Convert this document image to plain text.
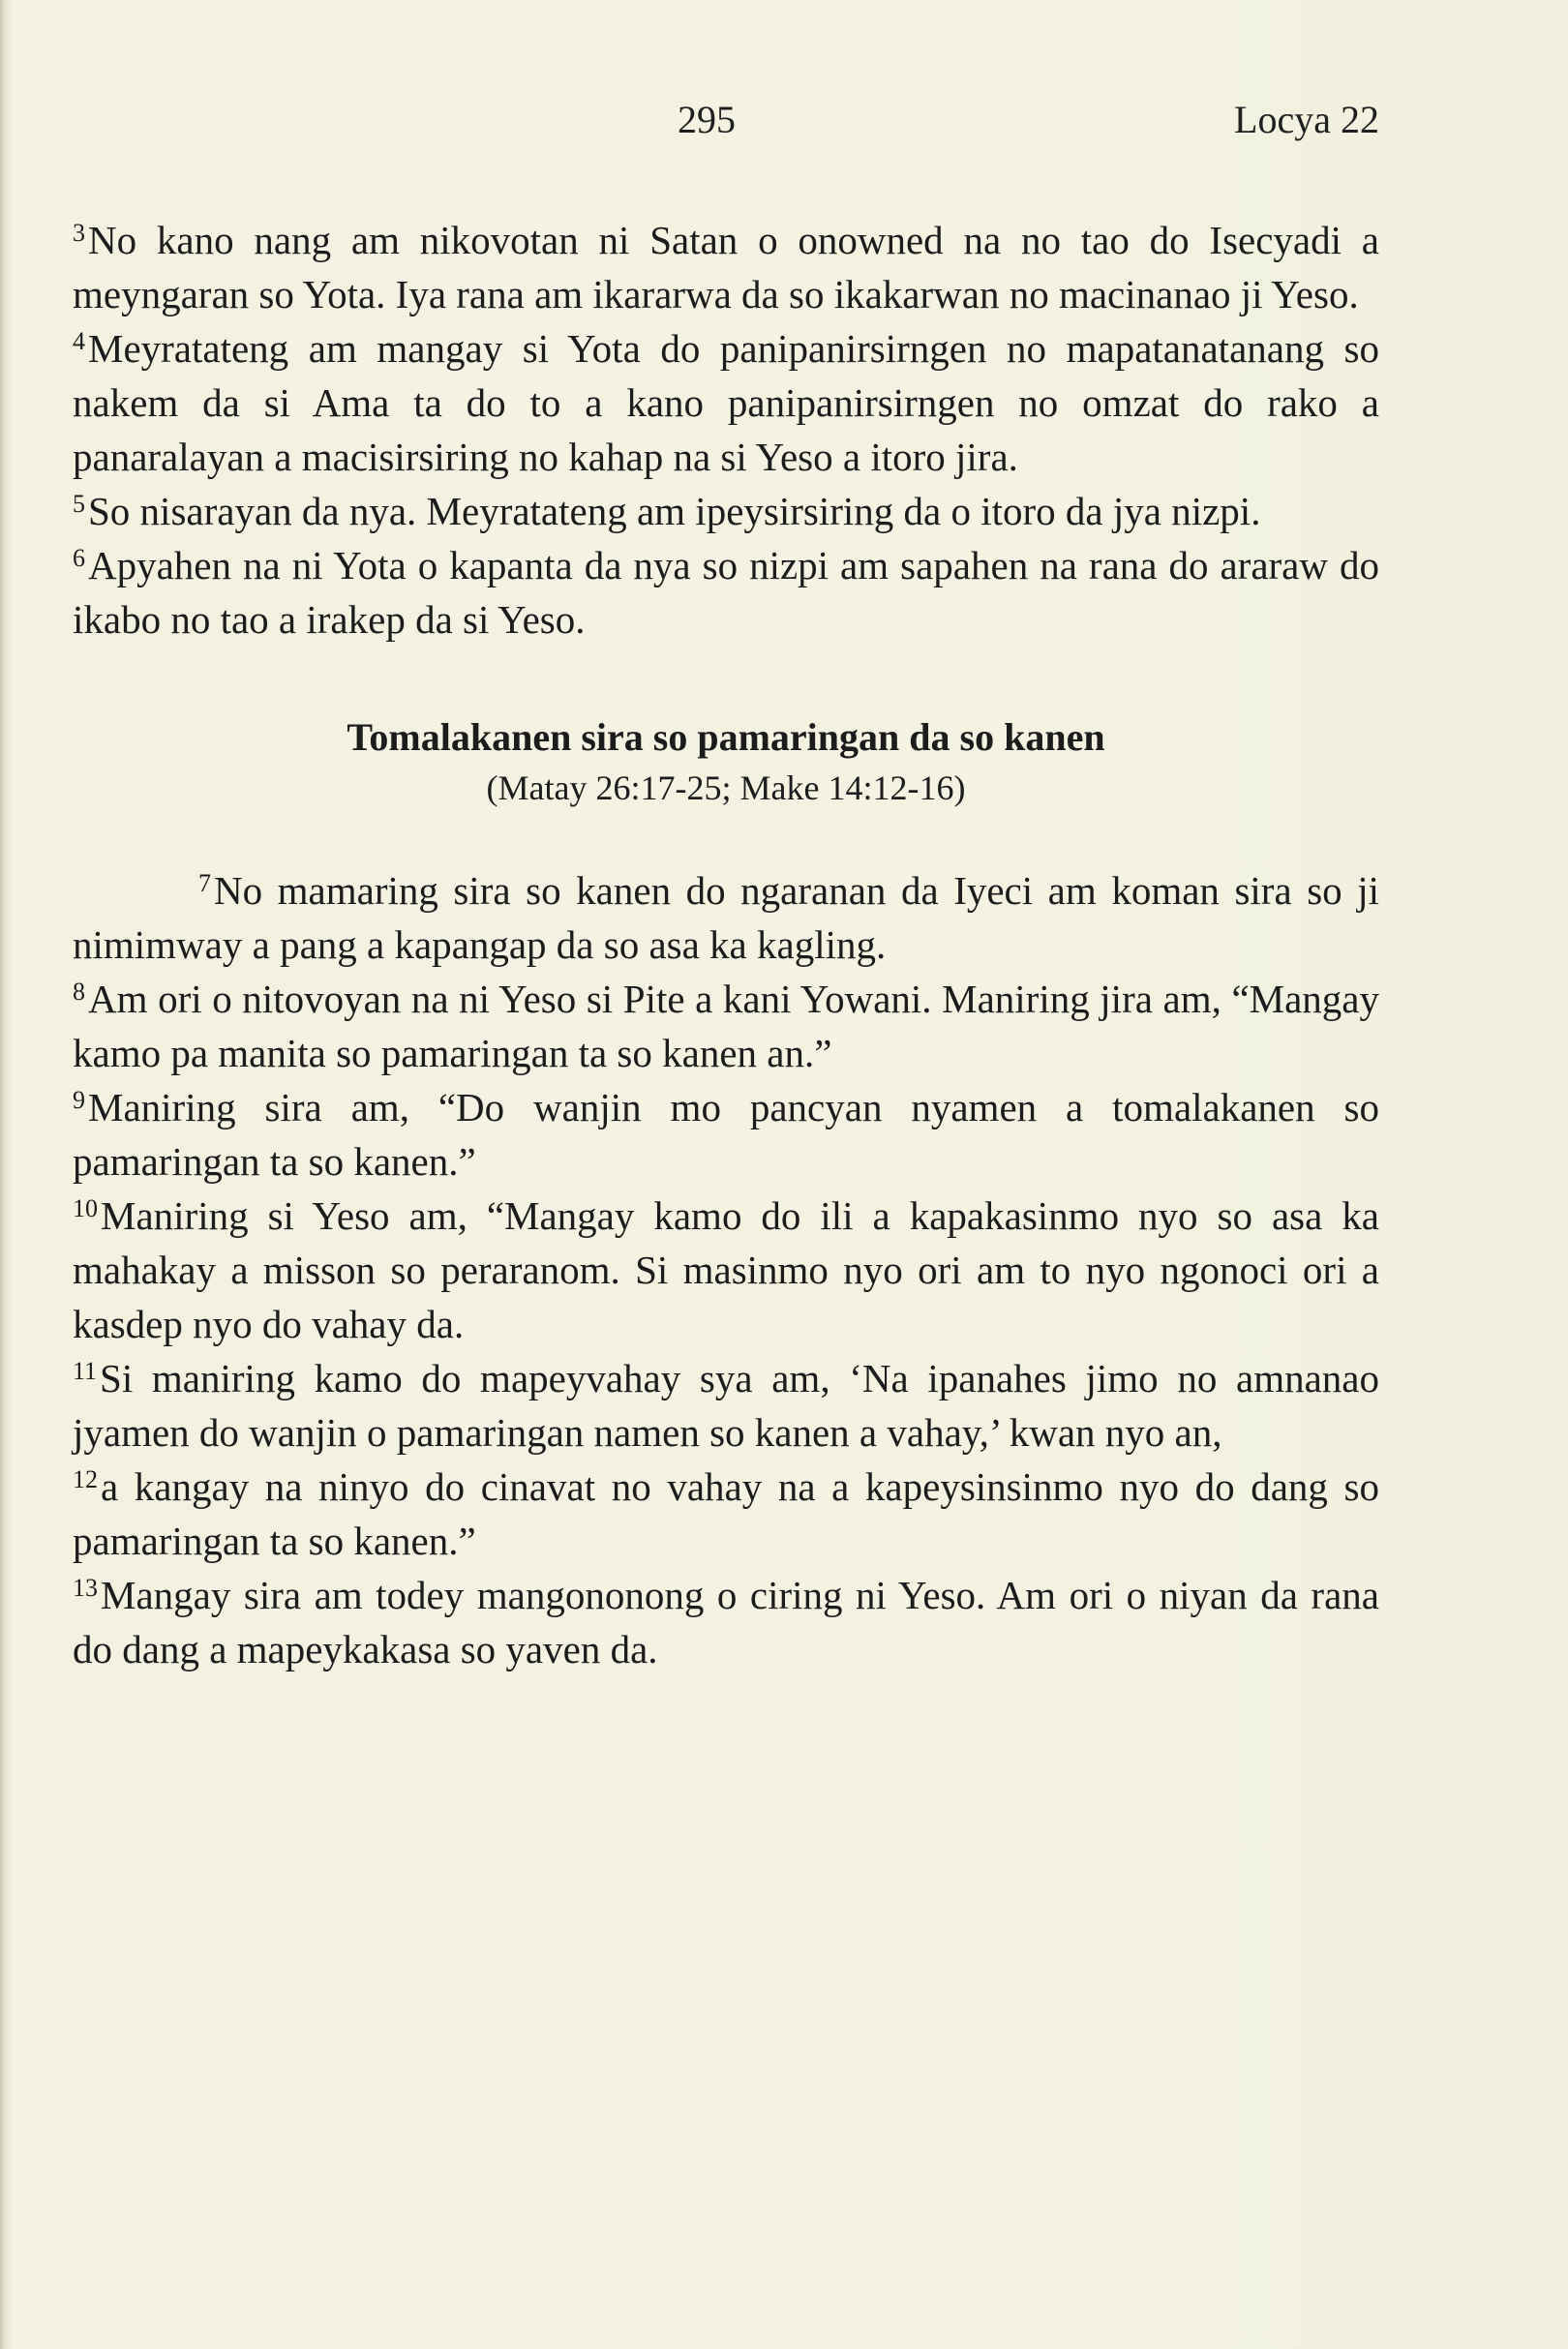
295	Locya 22

$^3$No kano nang am nikovotan ni Satan o onowned na no tao do Isecyadi a meyngaran so Yota. Iya rana am ikararwa da so ikakarwan no macinanao ji Yeso.

$^4$Meyratateng am mangay si Yota do panipanirsirngen no mapatanatanang so nakem da si Ama ta do to a kano panipanirsirngen no omzat do rako a panaralayan a macisirsiring no kahap na si Yeso a itoro jira.

$^5$So nisarayan da nya. Meyratateng am ipeysirsiring da o itoro da jya nizpi.

$^6$Apyahen na ni Yota o kapanta da nya so nizpi am sapahen na rana do araraw do ikabo no tao a irakep da si Yeso.

Tomalakanen sira so pamaringan da so kanen

(Matay 26:17-25; Make 14:12-16)

$^7$No mamaring sira so kanen do ngaranan da Iyeci am koman sira so ji nimimway a pang a kapangap da so asa ka kagling.

$^8$Am ori o nitovoyan na ni Yeso si Pite a kani Yowani. Maniring jira am, “Mangay kamo pa manita so pamaringan ta so kanen an.”

$^9$Maniring sira am, “Do wanjin mo pancyan nyamen a tomalakanen so pamaringan ta so kanen.”

$^{10}$Maniring si Yeso am, “Mangay kamo do ili a kapakasinmo nyo so asa ka mahakay a misson so peraranom. Si masinmo nyo ori am to nyo ngonoci ori a kasdep nyo do vahay da.

$^{11}$Si maniring kamo do mapeyvahay sya am, ‘Na ipanahes jimo no amnanao jyamen do wanjin o pamaringan namen so kanen a vahay,’ kwan nyo an,

$^{12}$a kangay na ninyo do cinavat no vahay na a kapeysinsinmo nyo do dang so pamaringan ta so kanen.”

$^{13}$Mangay sira am todey mangononong o ciring ni Yeso. Am ori o niyan da rana do dang a mapeykakasa so yaven da.
